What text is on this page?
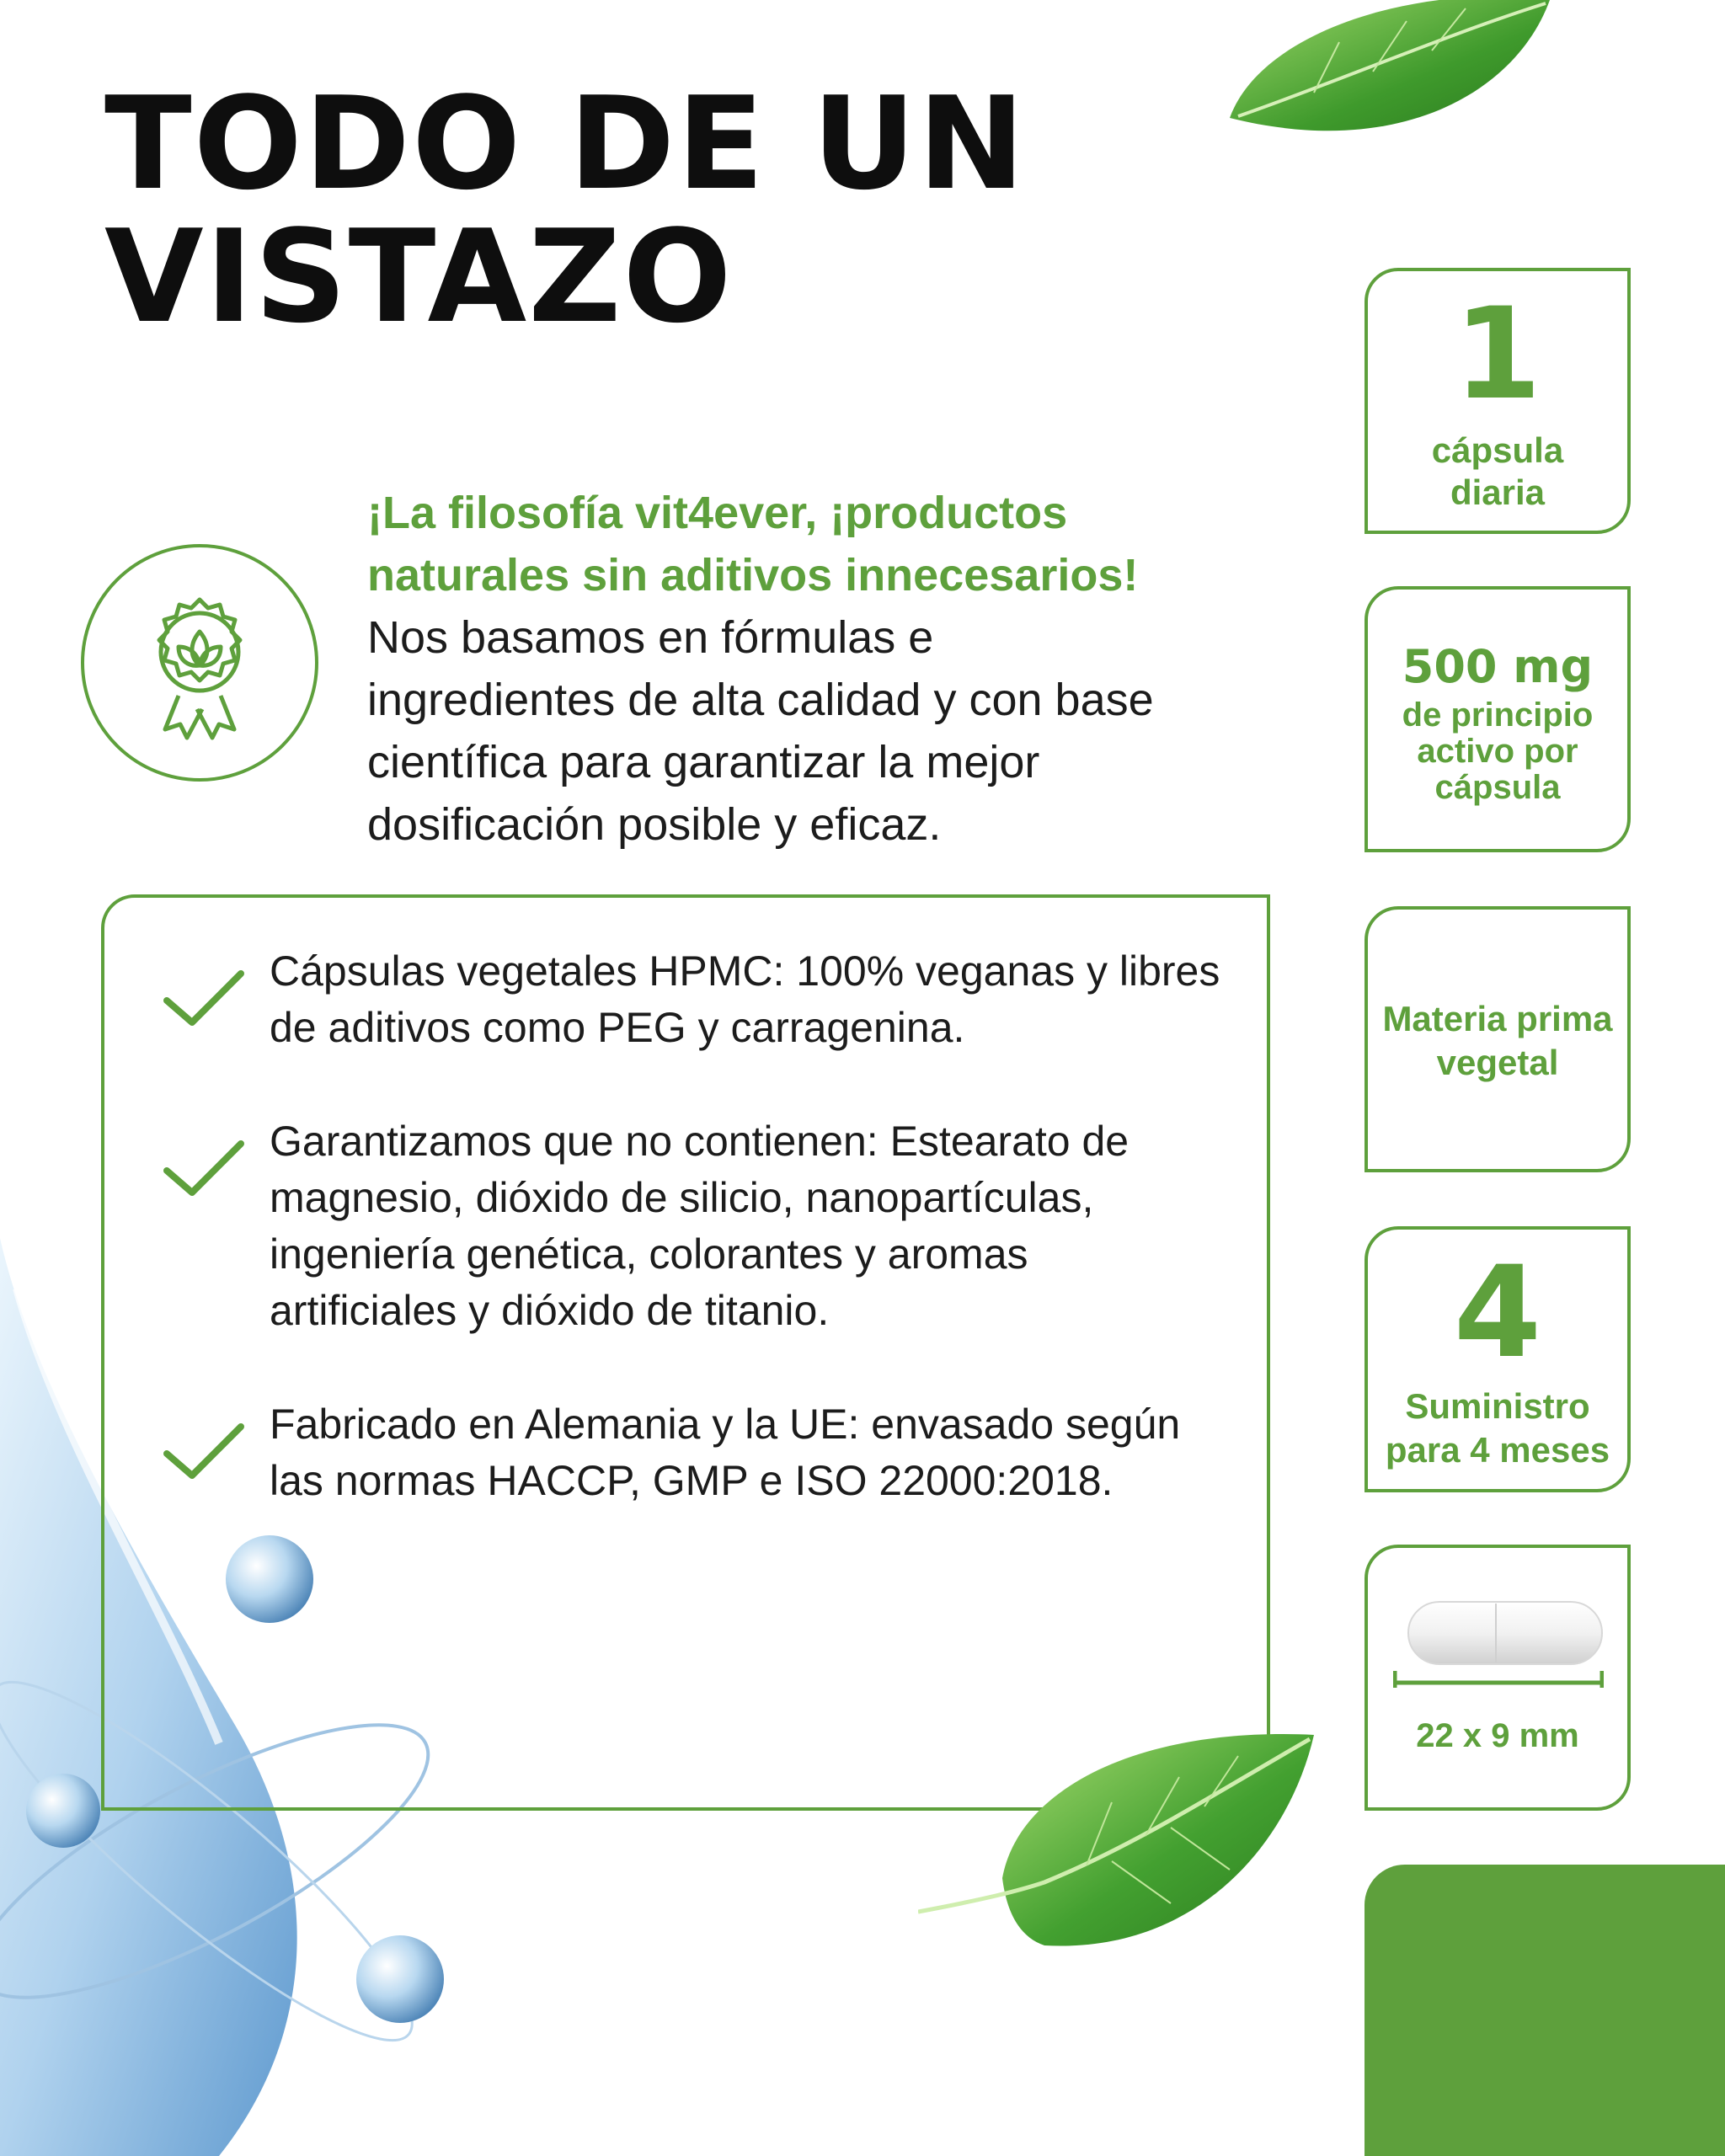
TODO DE UN
VISTAZO

¡La filosofía vit4ever, ¡productos
naturales sin aditivos innecesarios!

Nos basamos en fórmulas e ingredientes de alta calidad y con base científica para garantizar la mejor dosificación posible y eficaz.

Cápsulas vegetales HPMC: 100% veganas y libres
de aditivos como PEG y carragenina.

Garantizamos que no contienen: Estearato de
magnesio, dióxido de silicio, nanopartículas,
ingeniería genética, colorantes y aromas
artificiales y dióxido de titanio.

Fabricado en Alemania y la UE: envasado según
las normas HACCP, GMP e ISO 22000:2018.

1
cápsula
diaria
500 mg
de principio
activo por
cápsula
Materia prima
vegetal
4
Suministro
para 4 meses
22 x 9 mm
